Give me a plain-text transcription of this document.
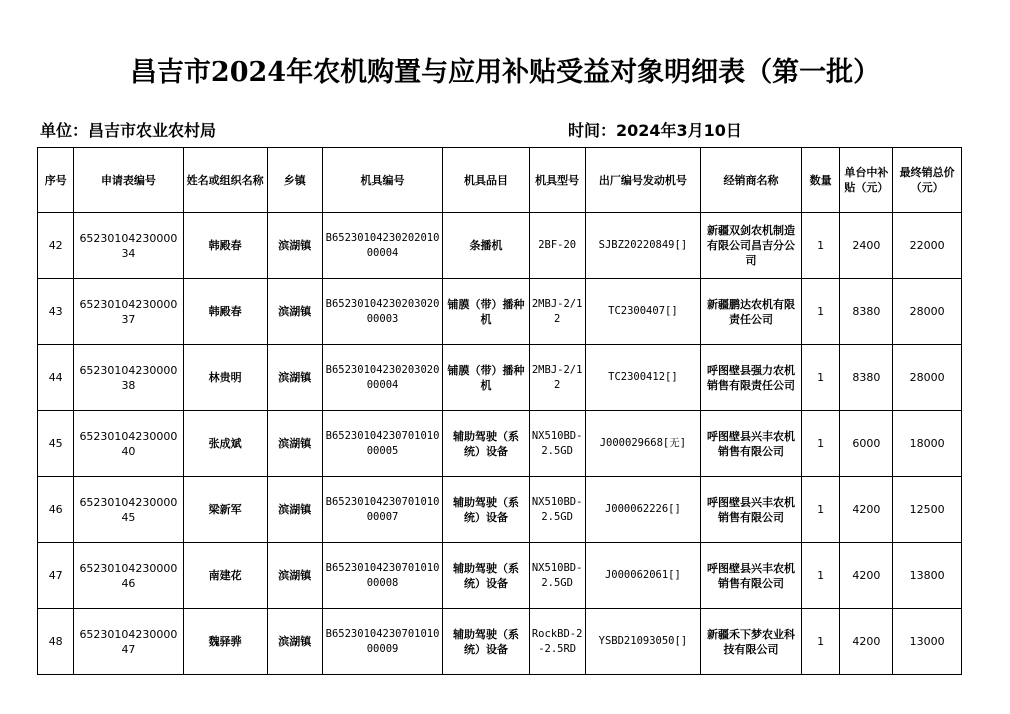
昌吉市2024年农机购置与应用补贴受益对象明细表（第一批）
单位：昌吉市农业农村局	时间：2024年3月10日
序号	申请表编号	姓名或组织名称	乡镇	机具编号	机具品目	机具型号	出厂编号发动机号	经销商名称	数量	单台中补贴（元）	最终销总价（元）
42	6523010423000034	韩殿春	滨湖镇	B6523010423020201000004	条播机	2BF-20	SJBZ20220849[]	新疆双剑农机制造有限公司昌吉分公司	1	2400	22000
43	6523010423000037	韩殿春	滨湖镇	B6523010423020302000003	铺膜（带）播种机	2MBJ-2/12	TC2300407[]	新疆鹏达农机有限责任公司	1	8380	28000
44	6523010423000038	林贵明	滨湖镇	B6523010423020302000004	铺膜（带）播种机	2MBJ-2/12	TC2300412[]	呼图壁县强力农机销售有限责任公司	1	8380	28000
45	6523010423000040	张成斌	滨湖镇	B6523010423070101000005	辅助驾驶（系统）设备	NX510BD-2.5GD	J000029668[无]	呼图壁县兴丰农机销售有限公司	1	6000	18000
46	6523010423000045	梁新军	滨湖镇	B6523010423070101000007	辅助驾驶（系统）设备	NX510BD-2.5GD	J000062226[]	呼图壁县兴丰农机销售有限公司	1	4200	12500
47	6523010423000046	南建花	滨湖镇	B6523010423070101000008	辅助驾驶（系统）设备	NX510BD-2.5GD	J000062061[]	呼图壁县兴丰农机销售有限公司	1	4200	13800
48	6523010423000047	魏驿骅	滨湖镇	B6523010423070101000009	辅助驾驶（系统）设备	RockBD-2-2.5RD	YSBD21093050[]	新疆禾下梦农业科技有限公司	1	4200	13000
